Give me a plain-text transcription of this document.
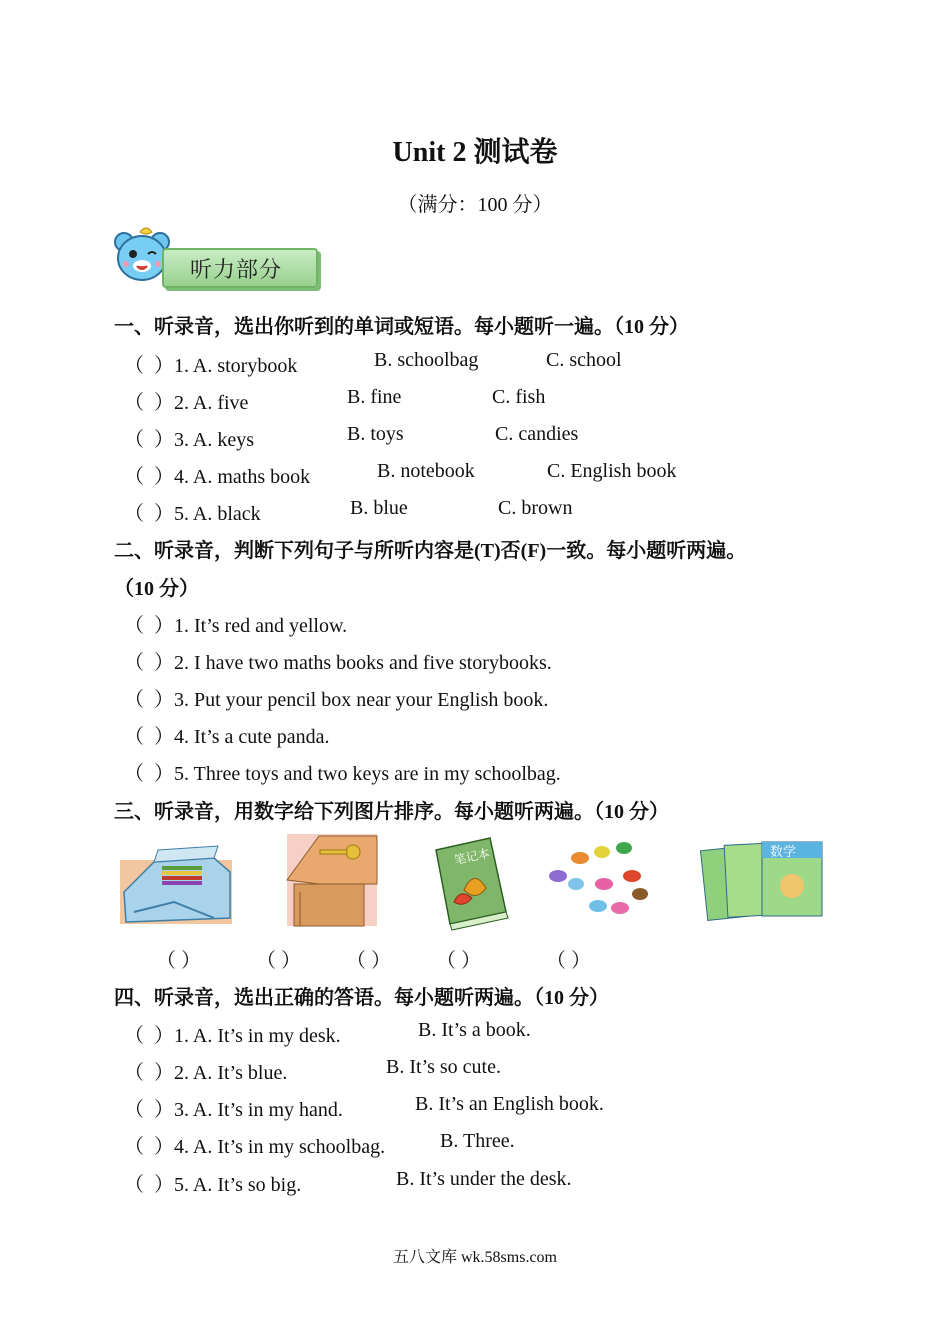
Unit 2 测试卷
（满分：100 分）
听力部分
一、听录音，选出你听到的单词或短语。每小题听一遍。（10 分）
（ ）1. A. storybook	B. schoolbag	C. school
（ ）2. A. five	B. fine	C. fish
（ ）3. A. keys	B. toys	C. candies
（ ）4. A. maths book	B. notebook	C. English book
（ ）5. A. black	B. blue	C. brown
二、听录音，判断下列句子与所听内容是(T)否(F)一致。每小题听两遍。
（10 分）
（ ）1. It’s red and yellow.
（ ）2. I have two maths books and five storybooks.
（ ）3. Put your pencil box near your English book.
（ ）4. It’s a cute panda.
（ ）5. Three toys and two keys are in my schoolbag.
三、听录音，用数字给下列图片排序。每小题听两遍。（10 分）
笔记本	数学
（ ）	（ ） （ ） （ ）	（ ）
四、听录音，选出正确的答语。每小题听两遍。（10 分）
（ ）1. A. It’s in my desk.	B. It’s a book.
（ ）2. A. It’s blue.	B. It’s so cute.
（ ）3. A. It’s in my hand.	B. It’s an English book.
（ ）4. A. It’s in my schoolbag.	B. Three.
（ ）5. A. It’s so big.	B. It’s under the desk.
五八文库 wk.58sms.com
